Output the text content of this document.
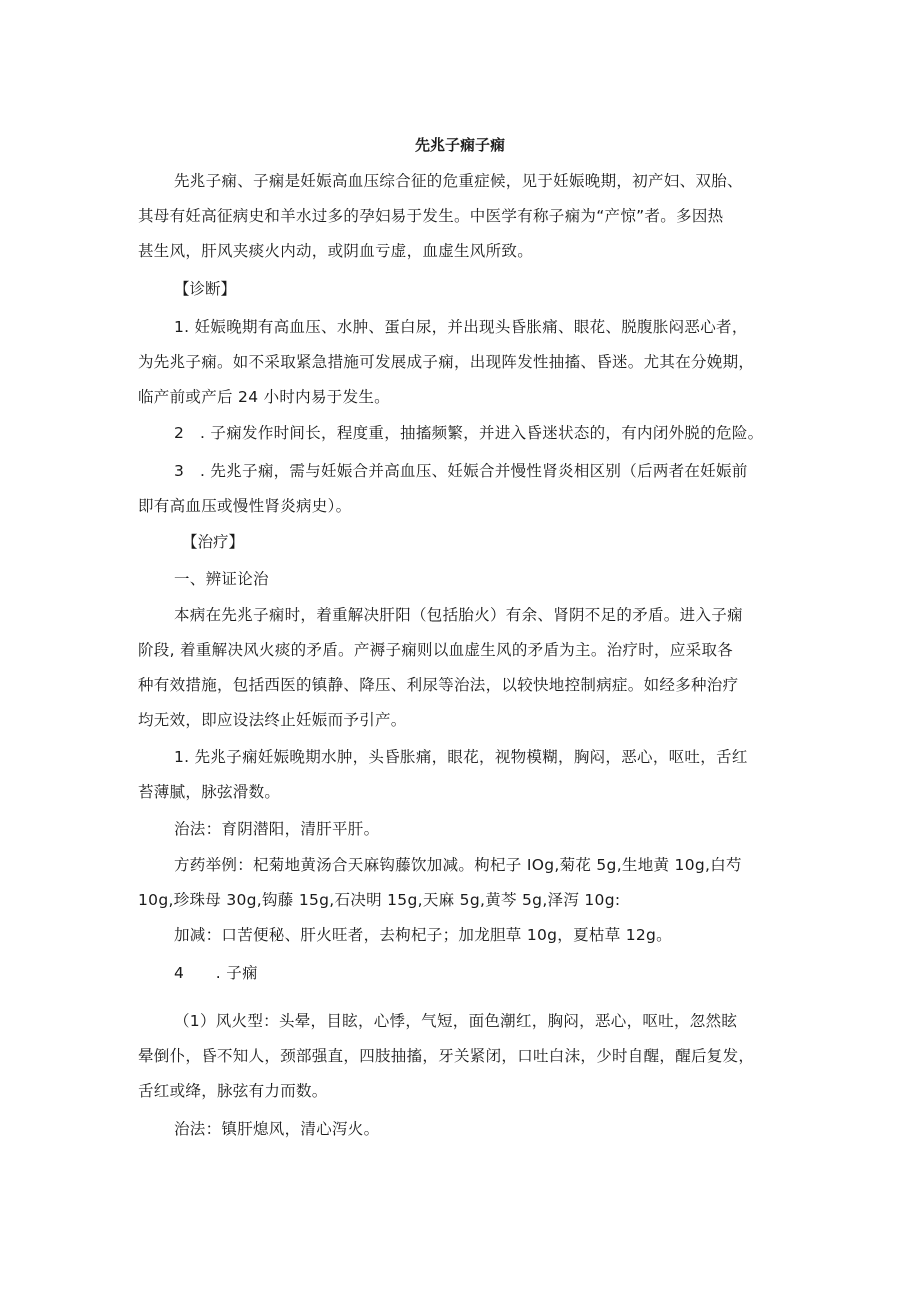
先兆子痫子痫
先兆子痫、子痫是妊娠高血压综合征的危重症候，见于妊娠晚期，初产妇、双胎、
其母有妊高征病史和羊水过多的孕妇易于发生。中医学有称子痫为“产惊”者。多因热
甚生风，肝风夹痰火内动，或阴血亏虚，血虚生风所致。
【诊断】
1. 妊娠晚期有高血压、水肿、蛋白尿，并出现头昏胀痛、眼花、脱腹胀闷恶心者，
为先兆子痫。如不采取紧急措施可发展成子痫，出现阵发性抽搐、昏迷。尤其在分娩期，
临产前或产后 24 小时内易于发生。
2　. 子痫发作时间长，程度重，抽搐频繁，并进入昏迷状态的，有内闭外脱的危险。
3　. 先兆子痫，需与妊娠合并高血压、妊娠合并慢性肾炎相区别（后两者在妊娠前
即有高血压或慢性肾炎病史）。
【治疗】
一、辨证论治
本病在先兆子痫时，着重解决肝阳（包括胎火）有余、肾阴不足的矛盾。进入子痫
阶段, 着重解决风火痰的矛盾。产褥子痫则以血虚生风的矛盾为主。治疗时，应采取各
种有效措施，包括西医的镇静、降压、利尿等治法，以较快地控制病症。如经多种治疗
均无效，即应设法终止妊娠而予引产。
1. 先兆子痫妊娠晚期水肿，头昏胀痛，眼花，视物模糊，胸闷，恶心，呕吐，舌红
苔薄腻，脉弦滑数。
治法：育阴潜阳，清肝平肝。
方药举例：杞菊地黄汤合天麻钩藤饮加减。枸杞子 IOg,菊花 5g,生地黄 10g,白芍
10g,珍珠母 30g,钩藤 15g,石决明 15g,天麻 5g,黄芩 5g,泽泻 10g:
加减：口苦便秘、肝火旺者，去枸杞子；加龙胆草 10g，夏枯草 12g。
4　　. 子痫
（1）风火型：头晕，目眩，心悸，气短，面色潮红，胸闷，恶心，呕吐，忽然眩
晕倒仆，昏不知人，颈部强直，四肢抽搐，牙关紧闭，口吐白沫，少时自醒，醒后复发，
舌红或绛，脉弦有力而数。
治法：镇肝熄风，清心泻火。
